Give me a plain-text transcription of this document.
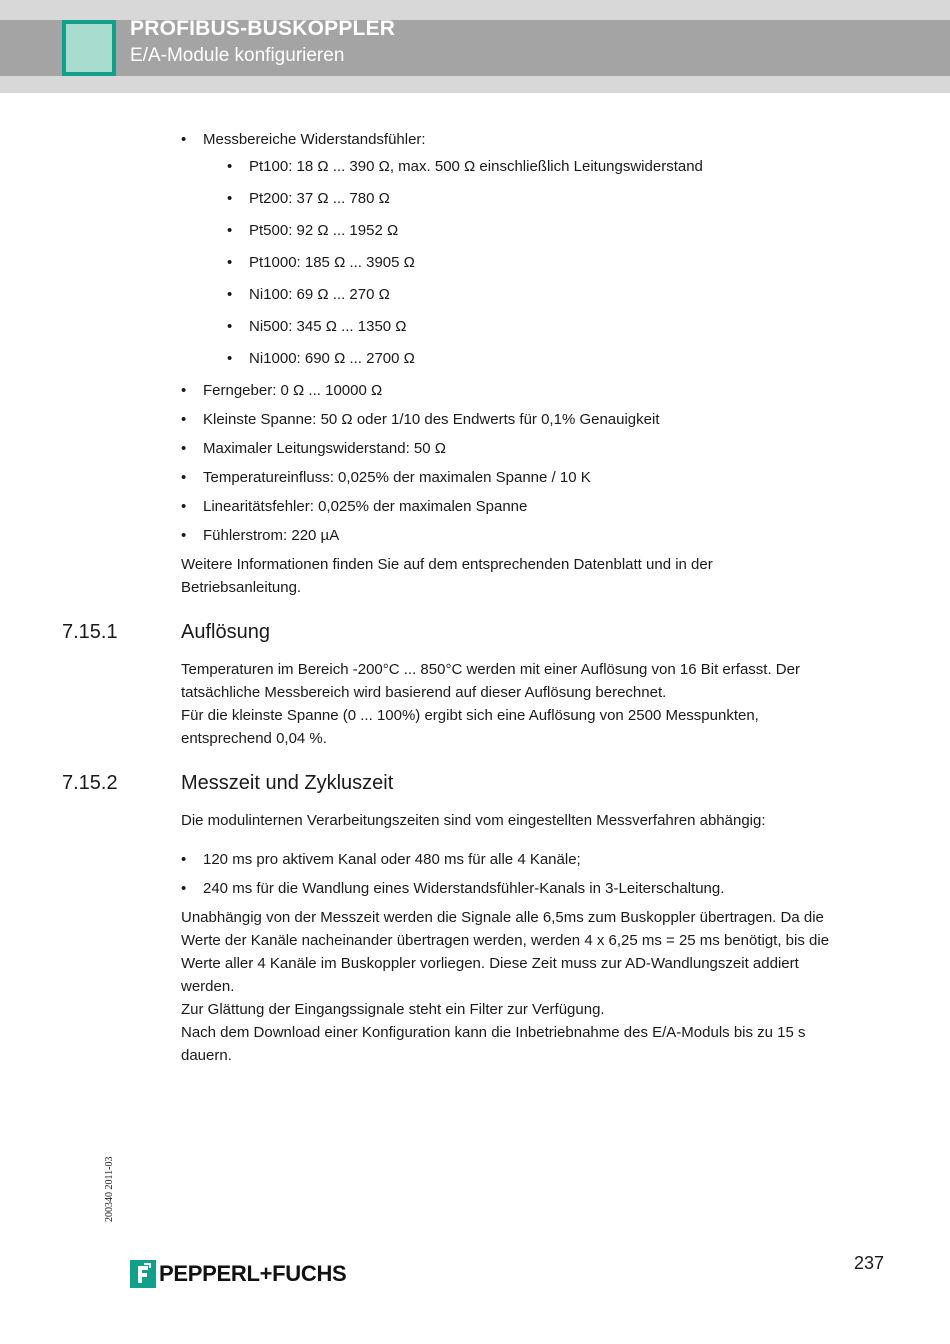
PROFIBUS-BUSKOPPLER
E/A-Module konfigurieren
• Messbereiche Widerstandsfühler:
• Pt100: 18 Ω ... 390 Ω, max. 500 Ω einschließlich Leitungswiderstand
• Pt200: 37 Ω ... 780 Ω
• Pt500: 92 Ω ... 1952 Ω
• Pt1000: 185 Ω ... 3905 Ω
• Ni100: 69 Ω ... 270 Ω
• Ni500: 345 Ω ... 1350 Ω
• Ni1000: 690 Ω ... 2700 Ω
• Ferngeber: 0 Ω ... 10000 Ω
• Kleinste Spanne: 50 Ω oder 1/10 des Endwerts für 0,1% Genauigkeit
• Maximaler Leitungswiderstand: 50 Ω
• Temperatureinfluss: 0,025% der maximalen Spanne / 10 K
• Linearitätsfehler: 0,025% der maximalen Spanne
• Fühlerstrom: 220 µA

Weitere Informationen finden Sie auf dem entsprechenden Datenblatt und in der Betriebsanleitung.

7.15.1	Auflösung

Temperaturen im Bereich -200°C ... 850°C werden mit einer Auflösung von 16 Bit erfasst. Der tatsächliche Messbereich wird basierend auf dieser Auflösung berechnet.

Für die kleinste Spanne (0 ... 100%) ergibt sich eine Auflösung von 2500 Messpunkten, entsprechend 0,04 %.

7.15.2	Messzeit und Zykluszeit

Die modulinternen Verarbeitungszeiten sind vom eingestellten Messverfahren abhängig:

• 120 ms pro aktivem Kanal oder 480 ms für alle 4 Kanäle;
• 240 ms für die Wandlung eines Widerstandsfühler-Kanals in 3-Leiterschaltung.

Unabhängig von der Messzeit werden die Signale alle 6,5ms zum Buskoppler übertragen. Da die Werte der Kanäle nacheinander übertragen werden, werden 4 x 6,25 ms = 25 ms benötigt, bis die Werte aller 4 Kanäle im Buskoppler vorliegen. Diese Zeit muss zur AD-Wandlungszeit addiert werden.

Zur Glättung der Eingangssignale steht ein Filter zur Verfügung.

Nach dem Download einer Konfiguration kann die Inbetriebnahme des E/A-Moduls bis zu 15 s dauern.

200340 2011-03
PEPPERL+FUCHS	237
